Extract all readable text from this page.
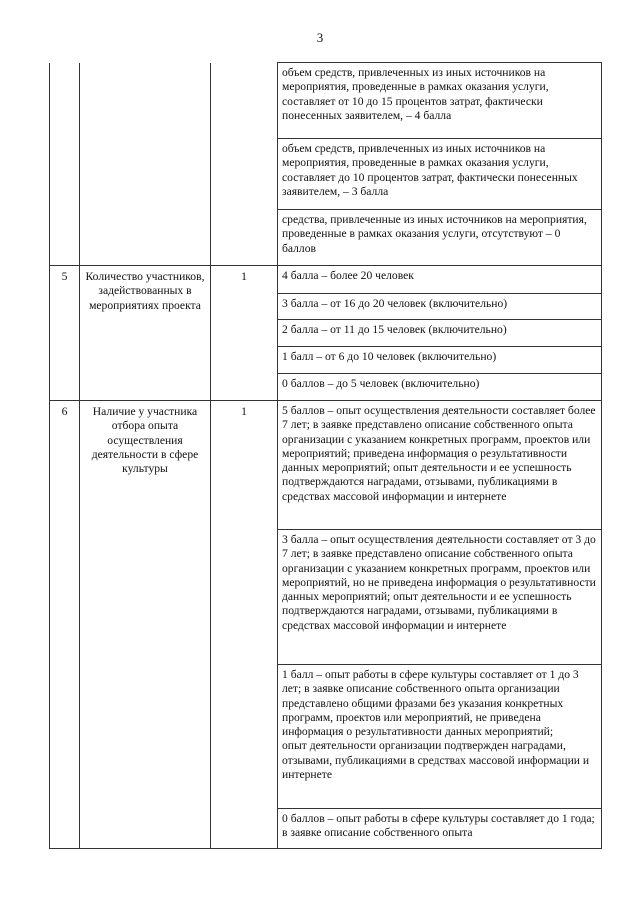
3
			объем средств, привлеченных из иных источников на мероприятия, проведенные в рамках оказания услуги, составляет от 10 до 15 процентов затрат, фактически понесенных заявителем, – 4 балла
			объем средств, привлеченных из иных источников на мероприятия, проведенные в рамках оказания услуги, составляет до 10 процентов затрат, фактически понесенных заявителем, – 3 балла
			средства, привлеченные из иных источников на мероприятия, проведенные в рамках оказания услуги, отсутствуют – 0 баллов
5	Количество участников, задействованных в мероприятиях проекта	1	4 балла – более 20 человек
			3 балла – от 16 до 20 человек (включительно)
			2 балла – от 11 до 15 человек (включительно)
			1 балл – от 6 до 10 человек (включительно)
			0 баллов – до 5 человек (включительно)
6	Наличие у участника отбора опыта осуществления деятельности в сфере культуры	1	5 баллов – опыт осуществления деятельности составляет более 7 лет; в заявке представлено описание собственного опыта организации с указанием конкретных программ, проектов или мероприятий; приведена информация о результативности данных мероприятий; опыт деятельности и ее успешность подтверждаются наградами, отзывами, публикациями в средствах массовой информации и интернете
			3 балла – опыт осуществления деятельности составляет от 3 до 7 лет; в заявке представлено описание собственного опыта организации с указанием конкретных программ, проектов или мероприятий, но не приведена информация о результативности данных мероприятий; опыт деятельности и ее успешность подтверждаются наградами, отзывами, публикациями в средствах массовой информации и интернете

			1 балл – опыт работы в сфере культуры составляет от 1 до 3 лет; в заявке описание собственного опыта организации представлено общими фразами без указания конкретных программ, проектов или мероприятий, не приведена информация о результативности данных мероприятий;
опыт деятельности организации подтвержден наградами, отзывами, публикациями в средствах массовой информации и интернете

			0 баллов – опыт работы в сфере культуры составляет до 1 года; в заявке описание собственного опыта
